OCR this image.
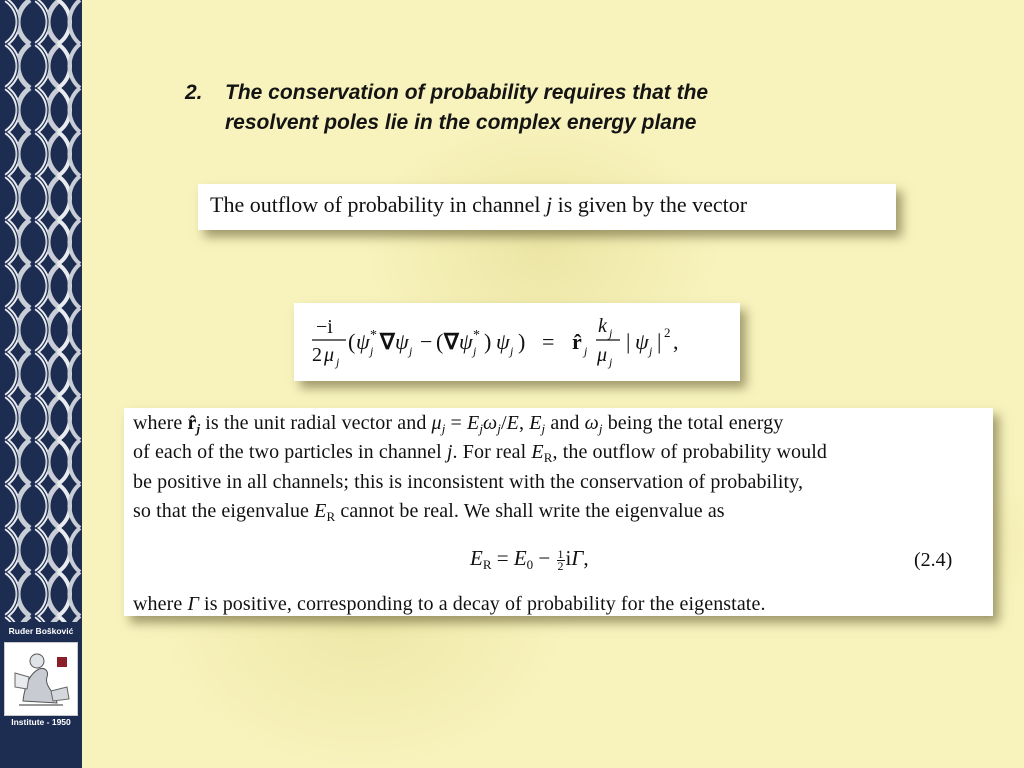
Ruđer Bošković
Institute - 1950
2. The conservation of probability requires that the
resolvent poles lie in the complex energy plane
The outflow of probability in channel j is given by the vector
−i
2 μ j
( ψ j
* ∇ ψ j − ( ∇ ψ j
* ) ψ j ) = r̂ j
k j
μ j
| ψ j | 2 ,
where $r̂_j$ is the unit radial vector and $\mu_j = E_j\omega_j/E$, $E_j$ and $\omega_j$ being the total energy
of each of the two particles in channel j. For real $E_R$, the outflow of probability would
be positive in all channels; this is inconsistent with the conservation of probability,
so that the eigenvalue $E_R$ cannot be real. We shall write the eigenvalue as
$E_R = E_0 - \frac{1}{2} i\Gamma$,	(2.4)
where Γ is positive, corresponding to a decay of probability for the eigenstate.
